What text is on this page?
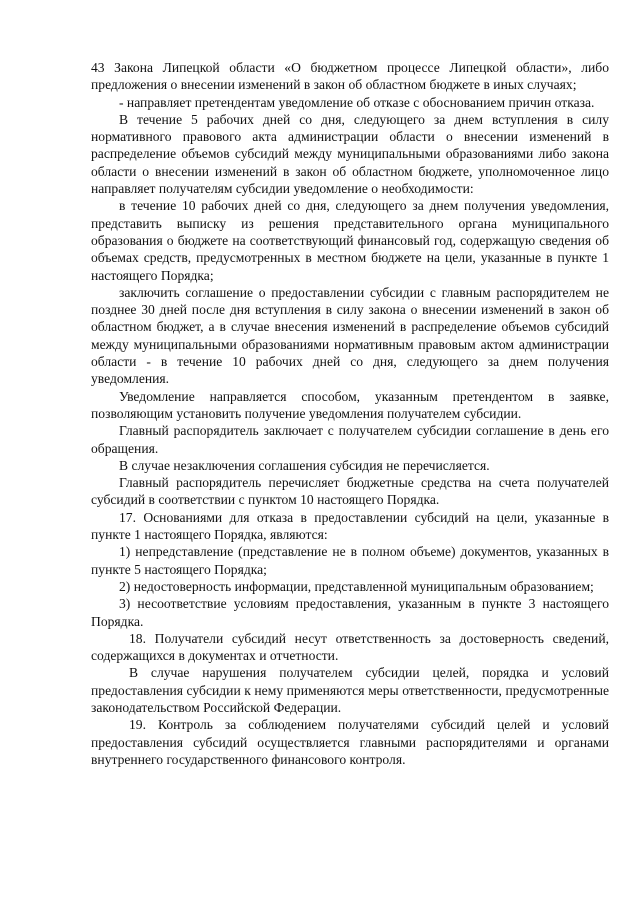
43 Закона Липецкой области «О бюджетном процессе Липецкой области», либо предложения о внесении изменений в закон об областном бюджете в иных случаях;

- направляет претендентам уведомление об отказе с обоснованием причин отказа.

В течение 5 рабочих дней со дня, следующего за днем вступления в силу нормативного правового акта администрации области о внесении изменений в распределение объемов субсидий между муниципальными образованиями либо закона области о внесении изменений в закон об областном бюджете, уполномоченное лицо направляет получателям субсидии уведомление о необходимости:

в течение 10 рабочих дней со дня, следующего за днем получения уведомления, представить выписку из решения представительного органа муниципального образования о бюджете на соответствующий финансовый год, содержащую сведения об объемах средств, предусмотренных в местном бюджете на цели, указанные в пункте 1 настоящего Порядка;

заключить соглашение о предоставлении субсидии с главным распорядителем не позднее 30 дней после дня вступления в силу закона о внесении изменений в закон об областном бюджет, а в случае внесения изменений в распределение объемов субсидий между муниципальными образованиями нормативным правовым актом администрации области - в течение 10 рабочих дней со дня, следующего за днем получения уведомления.

Уведомление направляется способом, указанным претендентом в заявке, позволяющим установить получение уведомления получателем субсидии.

Главный распорядитель заключает с получателем субсидии соглашение в день его обращения.

В случае незаключения соглашения субсидия не перечисляется.

Главный распорядитель перечисляет бюджетные средства на счета получателей субсидий в соответствии с пунктом 10 настоящего Порядка.

17. Основаниями для отказа в предоставлении субсидий на цели, указанные в пункте 1 настоящего Порядка, являются:

1) непредставление (представление не в полном объеме) документов, указанных в пункте 5 настоящего Порядка;

2) недостоверность информации, представленной муниципальным образованием;

3) несоответствие условиям предоставления, указанным в пункте 3 настоящего Порядка.

18. Получатели субсидий несут ответственность за достоверность сведений, содержащихся в документах и отчетности.

В случае нарушения получателем субсидии целей, порядка и условий предоставления субсидии к нему применяются меры ответственности, предусмотренные законодательством Российской Федерации.

19. Контроль за соблюдением получателями субсидий целей и условий предоставления субсидий осуществляется главными распорядителями и органами внутреннего государственного финансового контроля.
